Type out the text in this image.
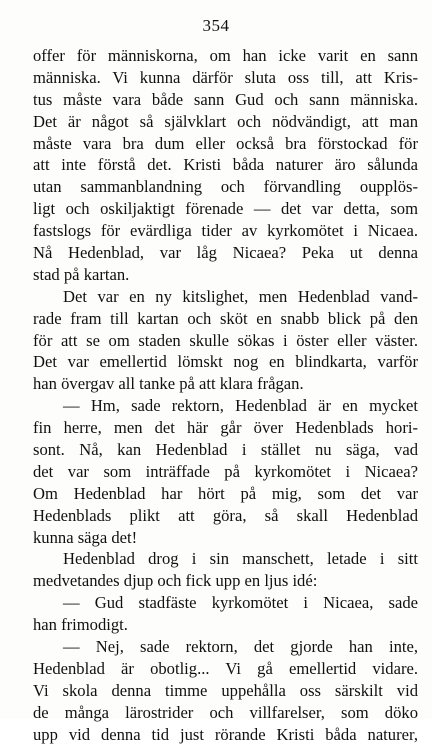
354
offer för människorna, om han icke varit en sann
människa. Vi kunna därför sluta oss till, att Kris-
tus måste vara både sann Gud och sann människa.
Det är något så självklart och nödvändigt, att man
måste vara bra dum eller också bra förstockad för
att inte förstå det. Kristi båda naturer äro sålunda
utan sammanblandning och förvandling oupplös-
ligt och oskiljaktigt förenade — det var detta, som
fastslogs för evärdliga tider av kyrkomötet i Nicaea.
Nå Hedenblad, var låg Nicaea? Peka ut denna
stad på kartan.
Det var en ny kitslighet, men Hedenblad vand-
rade fram till kartan och sköt en snabb blick på den
för att se om staden skulle sökas i öster eller väster.
Det var emellertid lömskt nog en blindkarta, varför
han övergav all tanke på att klara frågan.
— Hm, sade rektorn, Hedenblad är en mycket
fin herre, men det här går över Hedenblads hori-
sont. Nå, kan Hedenblad i stället nu säga, vad
det var som inträffade på kyrkomötet i Nicaea?
Om Hedenblad har hört på mig, som det var
Hedenblads plikt att göra, så skall Hedenblad
kunna säga det!
Hedenblad drog i sin manschett, letade i sitt
medvetandes djup och fick upp en ljus idé:
— Gud stadfäste kyrkomötet i Nicaea, sade
han frimodigt.
— Nej, sade rektorn, det gjorde han inte,
Hedenblad är obotlig... Vi gå emellertid vidare.
Vi skola denna timme uppehålla oss särskilt vid
de många lärostrider och villfarelser, som döko
upp vid denna tid just rörande Kristi båda naturer,
